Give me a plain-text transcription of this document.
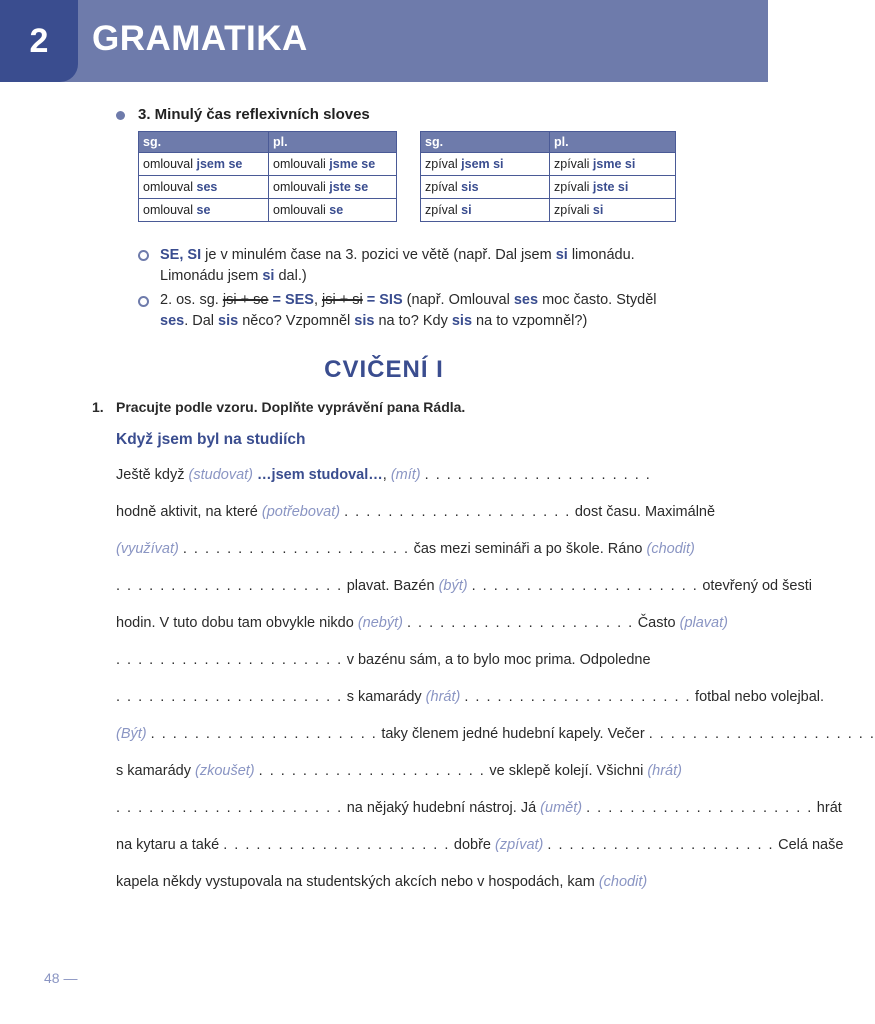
2	GRAMATIKA
3. Minulý čas reflexivních sloves
sg.	pl.
omlouval jsem se	omlouvali jsme se
omlouval ses	omlouvali jste se
omlouval se	omlouvali se
sg.	pl.
zpíval jsem si	zpívali jsme si
zpíval sis	zpívali jste si
zpíval si	zpívali si
SE, SI je v minulém čase na 3. pozici ve větě (např. Dal jsem si limonádu.
Limonádu jsem si dal.)
2. os. sg. jsi + se = SES, jsi + si = SIS (např. Omlouval ses moc často. Styděl
ses. Dal sis něco? Vzpomněl sis na to? Kdy sis na to vzpomněl?)
CVIČENÍ I
1. Pracujte podle vzoru. Doplňte vyprávění pana Rádla.
Když jsem byl na studiích
Ještě když (studovat) …jsem studoval…, (mít) . . . . . . . . . . . . . . . . . . . . .
hodně aktivit, na které (potřebovat) . . . . . . . . . . . . . . . . . . . . . dost času. Maximálně
(využívat) . . . . . . . . . . . . . . . . . . . . . čas mezi semináři a po škole. Ráno (chodit)
. . . . . . . . . . . . . . . . . . . . . plavat. Bazén (být) . . . . . . . . . . . . . . . . . . . . . otevřený od šesti
hodin. V tuto dobu tam obvykle nikdo (nebýt) . . . . . . . . . . . . . . . . . . . . . Často (plavat)
. . . . . . . . . . . . . . . . . . . . . v bazénu sám, a to bylo moc prima. Odpoledne
. . . . . . . . . . . . . . . . . . . . . s kamarády (hrát) . . . . . . . . . . . . . . . . . . . . . fotbal nebo volejbal.
(Být) . . . . . . . . . . . . . . . . . . . . . taky členem jedné hudební kapely. Večer . . . . . . . . . . . . . . . . . . . . .
s kamarády (zkoušet) . . . . . . . . . . . . . . . . . . . . . ve sklepě kolejí. Všichni (hrát)
. . . . . . . . . . . . . . . . . . . . . na nějaký hudební nástroj. Já (umět) . . . . . . . . . . . . . . . . . . . . . hrát
na kytaru a také . . . . . . . . . . . . . . . . . . . . . dobře (zpívat) . . . . . . . . . . . . . . . . . . . . . Celá naše
kapela někdy vystupovala na studentských akcích nebo v hospodách, kam (chodit)
48 —
